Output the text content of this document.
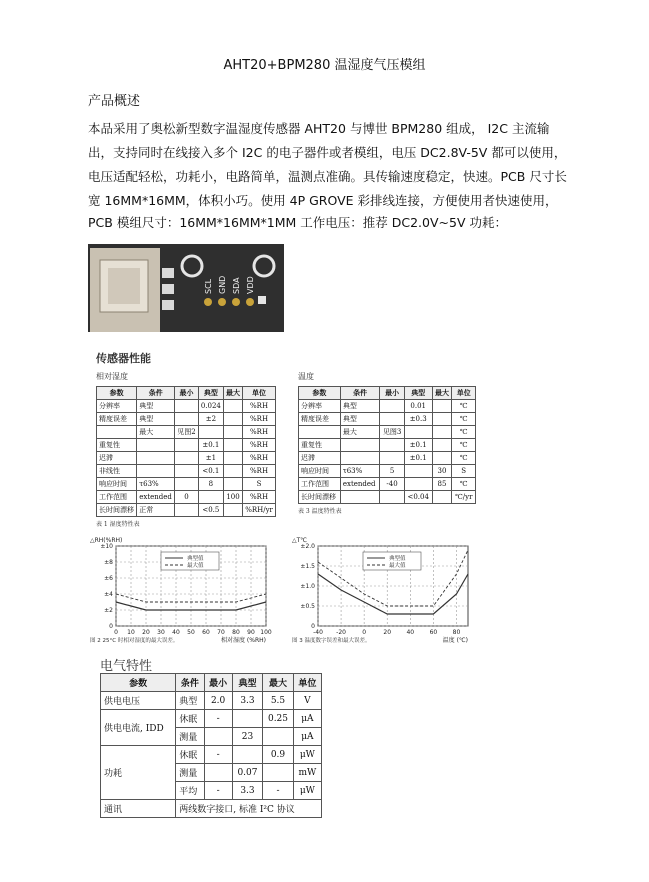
AHT20+BPM280 温湿度气压模组
产品概述
本品采用了奥松新型数字温湿度传感器 AHT20 与博世 BPM280 组成， I2C 主流输出，支持同时在线接入多个 I2C 的电子器件或者模组，电压 DC2.8V-5V 都可以使用，电压适配轻松，功耗小，电路简单，温测点准确。具传输速度稳定，快速。PCB 尺寸长宽 16MM*16MM，体积小巧。使用 4P GROVE 彩排线连接，方便使用者快速使用，
PCB 模组尺寸：16MM*16MM*1MM 工作电压：推荐 DC2.0V~5V 功耗：
SCL GND SDA VDD
传感器性能
相对湿度
参数	条件	最小	典型	最大	单位
分辨率	典型		0.024		%RH
精度误差	典型		±2		%RH
	最大	见图2			%RH
重复性			±0.1		%RH
迟滞			±1		%RH
非线性			<0.1		%RH
响应时间	τ63%		8		S
工作范围	extended	0		100	%RH
长时间漂移	正常		<0.5		%RH/yr
表 1 湿度特性表
温度
参数	条件	最小	典型	最大	单位
分辨率	典型		0.01		℃
精度误差	典型		±0.3		℃
	最大	见图3			℃
重复性			±0.1		℃
迟滞			±0.1		℃
响应时间	τ63%	5		30	S
工作范围	extended	-40		85	℃
长时间漂移			<0.04		℃/yr
表 3 温度特性表
±10
±8
±6
±4
±2
0
0 10 20 30 40 50 60 70 80 90 100
△RH(%RH)
相对湿度 (%RH)
图 2 25°C 时相对湿度的最大误差。
典型值
最大值
±2.0
±1.5
±1.0
±0.5
0
-40 -20	0	20	40	60	80
△T℃
温度 (℃)
图 3 温度数字误差和最大误差。
典型值
最大值
电气特性
参数	条件	最小	典型	最大	单位
供电电压	典型	2.0	3.3	5.5	V
供电电流, IDD	休眠	-		0.25	μA
	测量		23		μA
功耗	休眠	-		0.9	μW
	测量		0.07		mW
	平均	-	3.3	-	μW
通讯	两线数字接口, 标准 I²C 协议				
